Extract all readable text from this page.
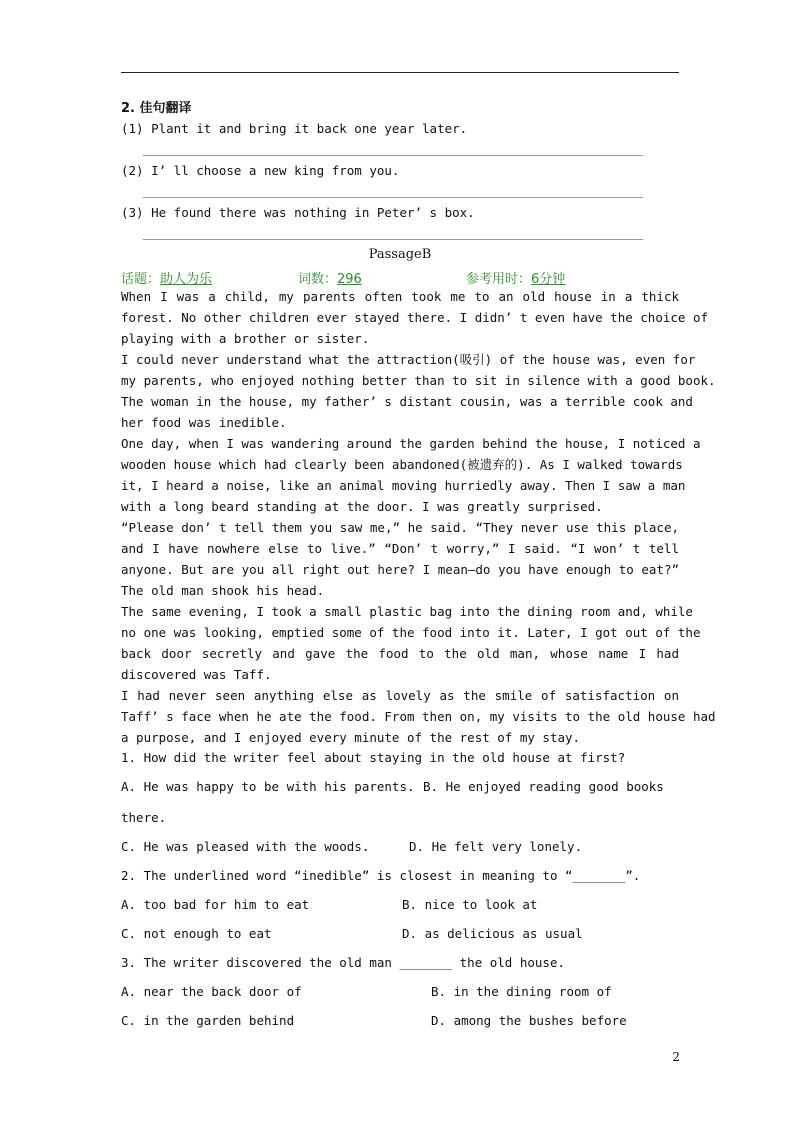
2. 佳句翻译
(1) Plant it and bring it back one year later.
(2) I’ ll choose a new king from you.
(3) He found there was nothing in Peter’ s box.
PassageB
话题：助人为乐	词数：296	参考用时：6分钟
When I was a child, my parents often took me to an old house in a thick
forest. No other children ever stayed there. I didn’ t even have the choice of
playing with a brother or sister.
I could never understand what the attraction(吸引) of the house was, even for
my parents, who enjoyed nothing better than to sit in silence with a good book.
The woman in the house, my father’ s distant cousin, was a terrible cook and
her food was inedible.
One day, when I was wandering around the garden behind the house, I noticed a
wooden house which had clearly been abandoned(被遗弃的). As I walked towards
it, I heard a noise, like an animal moving hurriedly away. Then I saw a man
with a long beard standing at the door. I was greatly surprised.
“Please don’ t tell them you saw me,” he said. “They never use this place,
and I have nowhere else to live.” “Don’ t worry,” I said. “I won’ t tell
anyone. But are you all right out here? I mean—do you have enough to eat?”
The old man shook his head.
The same evening, I took a small plastic bag into the dining room and, while
no one was looking, emptied some of the food into it. Later, I got out of the
back door secretly and gave the food to the old man, whose name I had
discovered was Taff.
I had never seen anything else as lovely as the smile of satisfaction on
Taff’ s face when he ate the food. From then on, my visits to the old house had
a purpose, and I enjoyed every minute of the rest of my stay.
1. How did the writer feel about staying in the old house at first?
A. He was happy to be with his parents. B. He enjoyed reading good books
there.
C. He was pleased with the woods.	D. He felt very lonely.
2. The underlined word “inedible” is closest in meaning to “_______”.
A. too bad for him to eat	B. nice to look at
C. not enough to eat	D. as delicious as usual
3. The writer discovered the old man _______ the old house.
A. near the back door of	B. in the dining room of
C. in the garden behind	D. among the bushes before
2
